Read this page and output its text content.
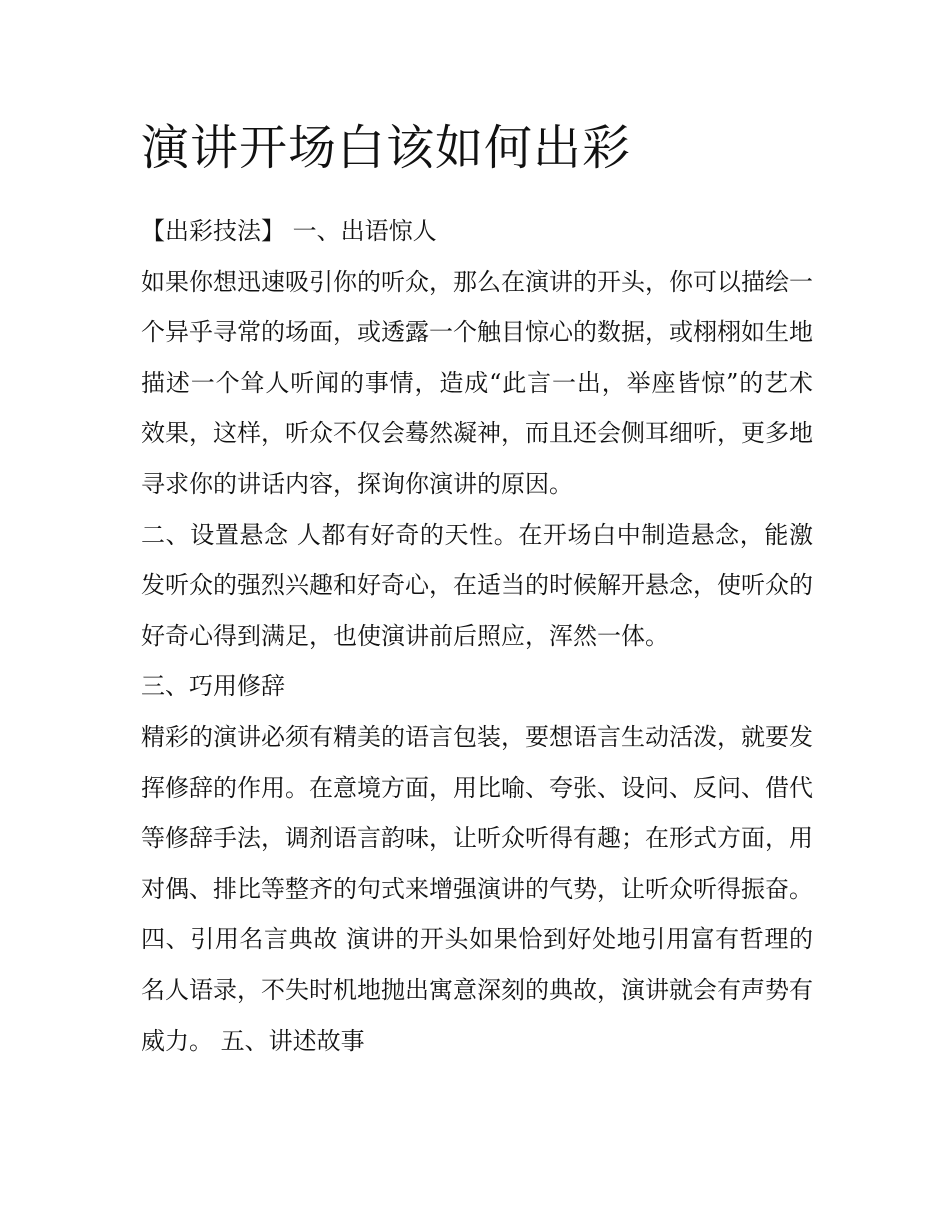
演讲开场白该如何出彩

【出彩技法】 一、出语惊人

如果你想迅速吸引你的听众，那么在演讲的开头，你可以描绘一个异乎寻常的场面，或透露一个触目惊心的数据，或栩栩如生地描述一个耸人听闻的事情，造成“此言一出，举座皆惊”的艺术效果，这样，听众不仅会蓦然凝神，而且还会侧耳细听，更多地寻求你的讲话内容，探询你演讲的原因。

二、设置悬念 人都有好奇的天性。在开场白中制造悬念，能激发听众的强烈兴趣和好奇心，在适当的时候解开悬念，使听众的好奇心得到满足，也使演讲前后照应，浑然一体。

三、巧用修辞

精彩的演讲必须有精美的语言包装，要想语言生动活泼，就要发挥修辞的作用。在意境方面，用比喻、夸张、设问、反问、借代等修辞手法，调剂语言韵味，让听众听得有趣；在形式方面，用对偶、排比等整齐的句式来增强演讲的气势，让听众听得振奋。

四、引用名言典故 演讲的开头如果恰到好处地引用富有哲理的名人语录，不失时机地抛出寓意深刻的典故，演讲就会有声势有威力。 五、讲述故事
